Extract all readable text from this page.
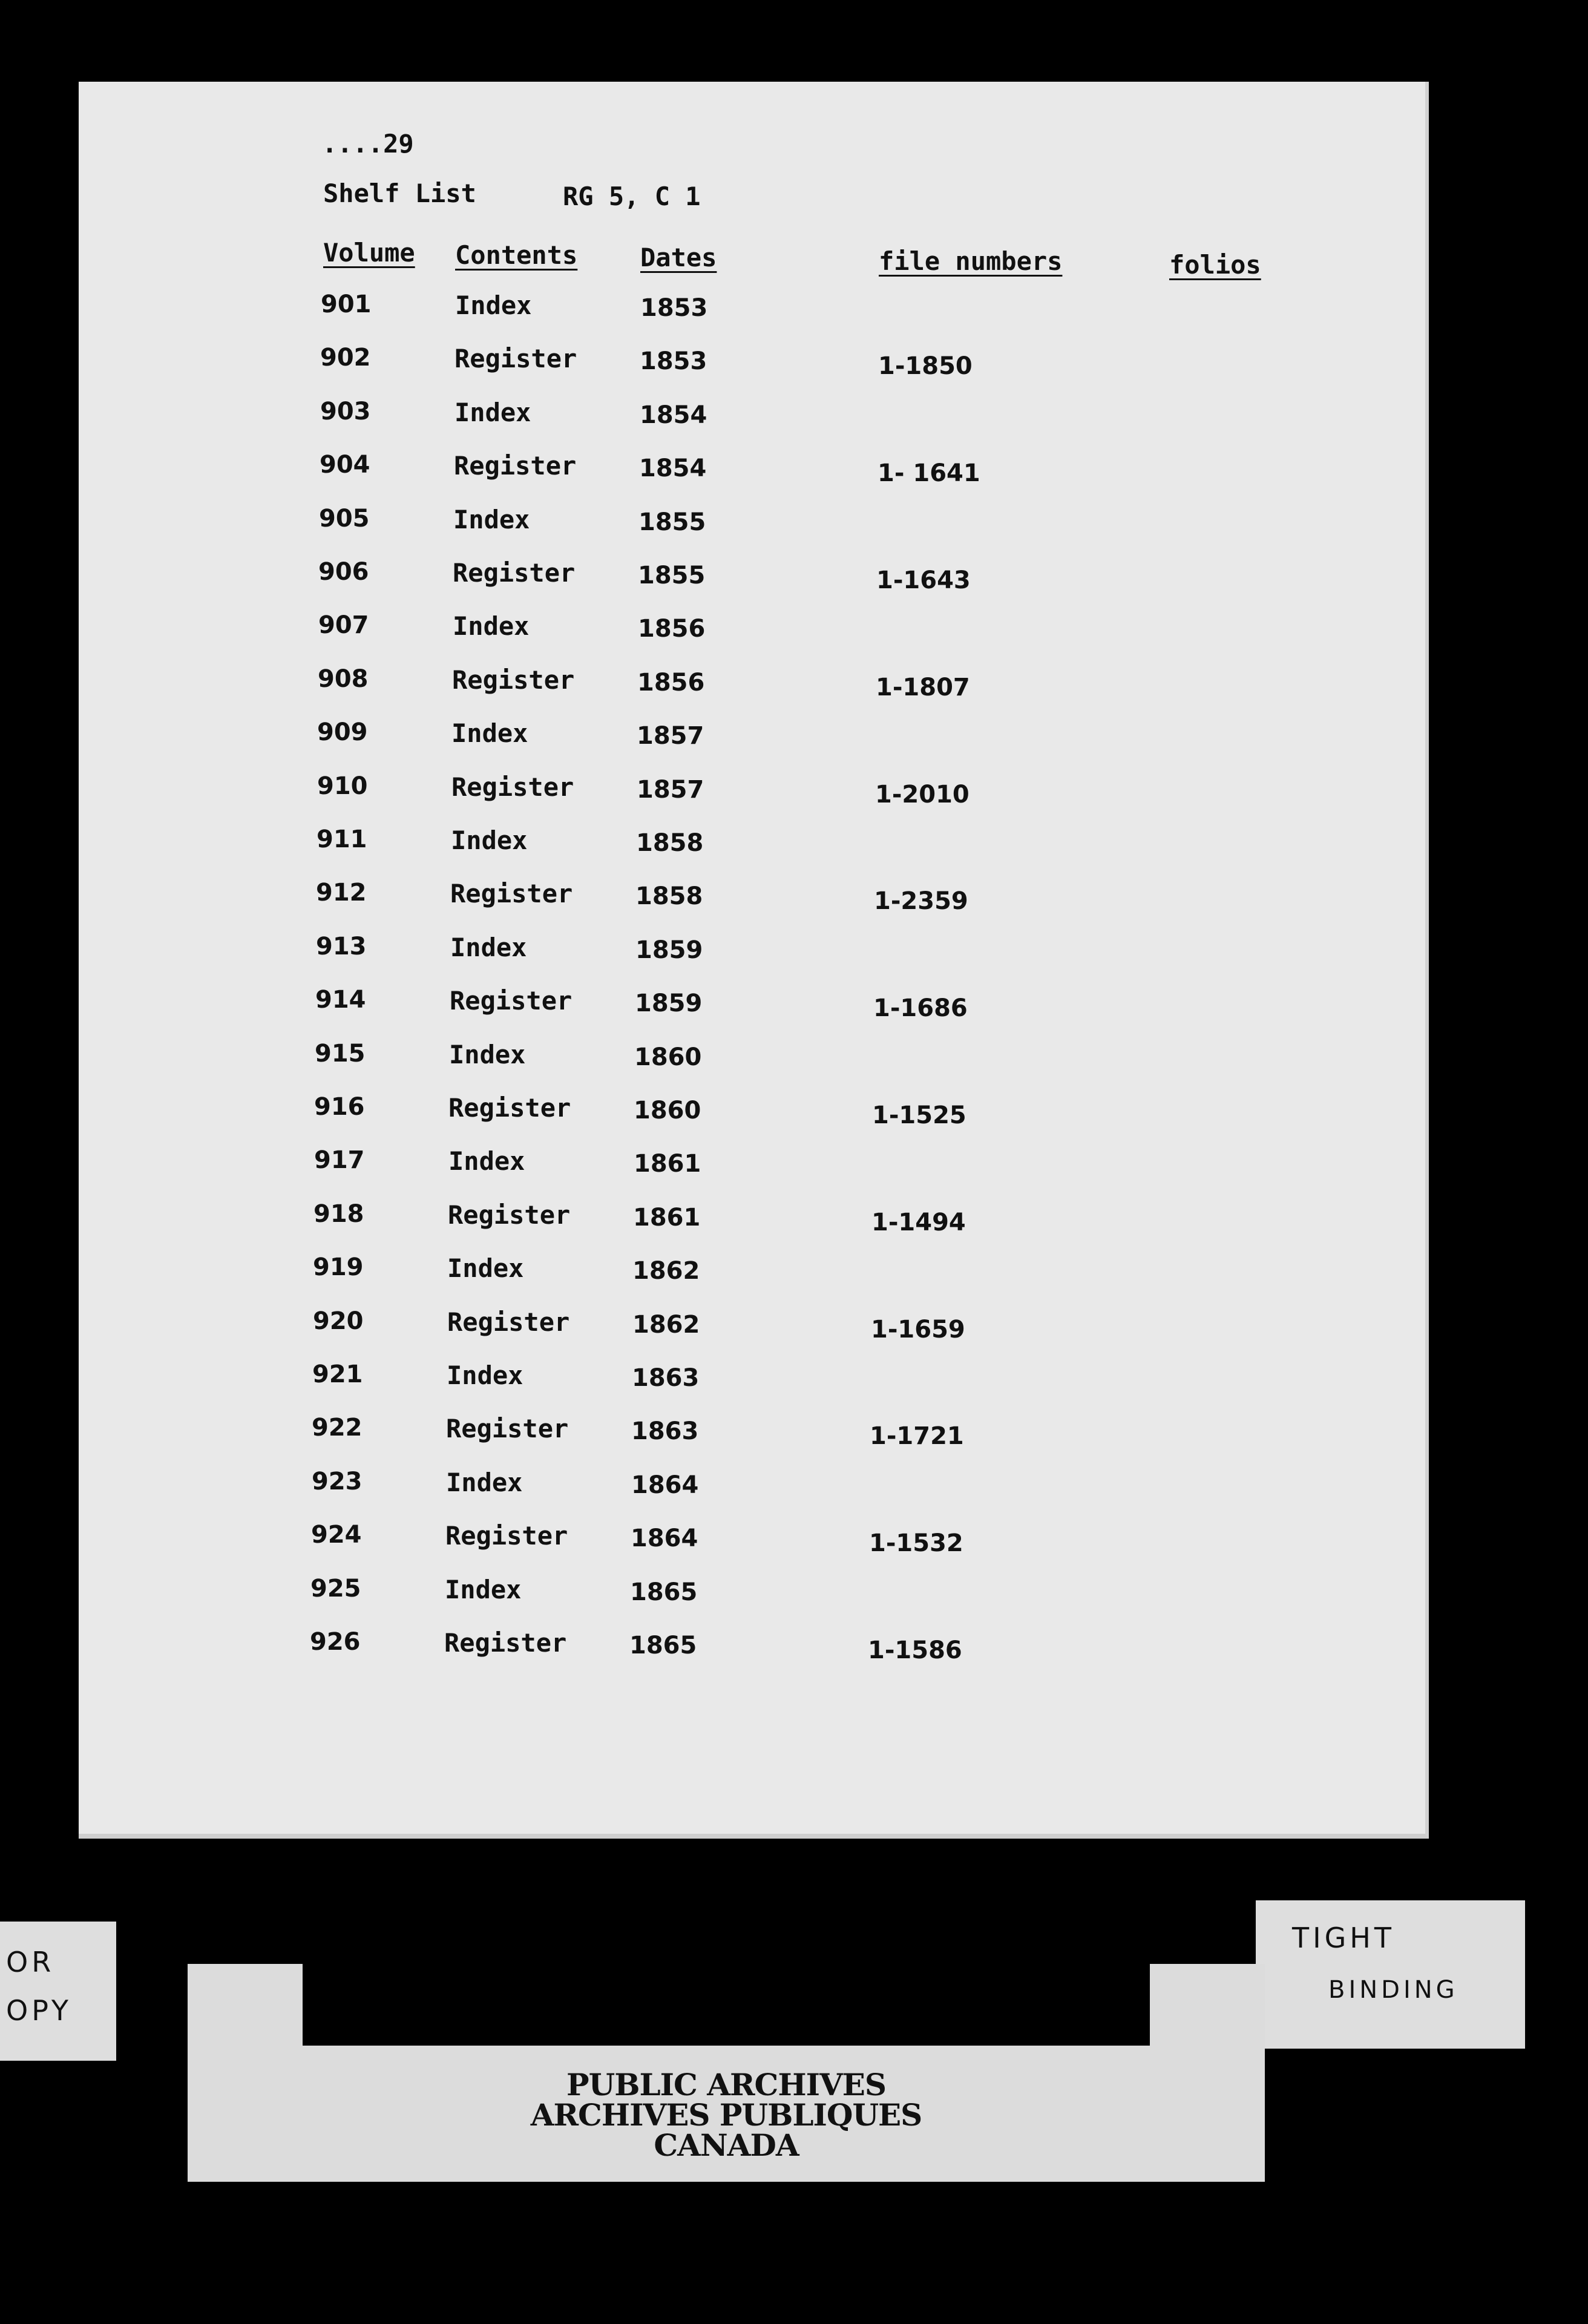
....29
Shelf List	RG 5, C 1
Volume Contents Dates	file numbers	folios
901	Index	1853
902	Register	1853	1-1850
903	Index	1854
904	Register	1854	1- 1641
905	Index	1855
906	Register	1855	1-1643
907	Index	1856
908	Register	1856	1-1807
909	Index	1857
910	Register	1857	1-2010
911	Index	1858
912	Register	1858	1-2359
913	Index	1859
914	Register	1859	1-1686
915	Index	1860
916	Register	1860	1-1525
917	Index	1861
918	Register	1861	1-1494
919	Index	1862
920	Register	1862	1-1659
921	Index	1863
922	Register	1863	1-1721
923	Index	1864
924	Register	1864	1-1532
925	Index	1865
926	Register	1865	1-1586
OR
OPY
TIGHT
BINDING
PUBLIC ARCHIVES
ARCHIVES PUBLIQUES
CANADA
